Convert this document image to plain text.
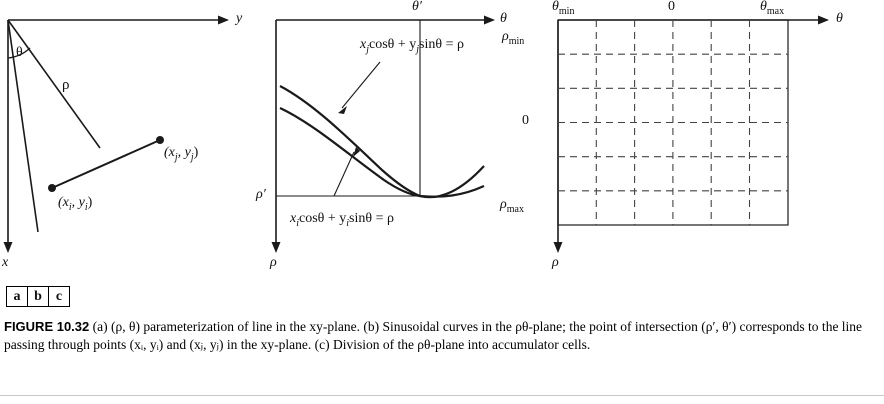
y
x
θ
ρ
($x_j$, $y_j$)
($x_i$, $y_i$)
θ
ρ
θ′
ρ′
$x_j\cos\theta + y_j\sin\theta = \rho$
$x_i\cos\theta + y_i\sin\theta = \rho$
θ
ρ
$\theta_{min}$	0	$\theta_{max}$
$\rho_{min}$
0
$\rho_{max}$
a b	c
FIGURE 10.32 (a) (ρ, θ) parameterization of line in the xy-plane. (b) Sinusoidal curves in the ρθ-plane; the point of intersection (ρ′, θ′) corresponds to the line passing through points (xᵢ, yᵢ) and (xⱼ, yⱼ) in the xy-plane. (c) Division of the ρθ-plane into accumulator cells.
